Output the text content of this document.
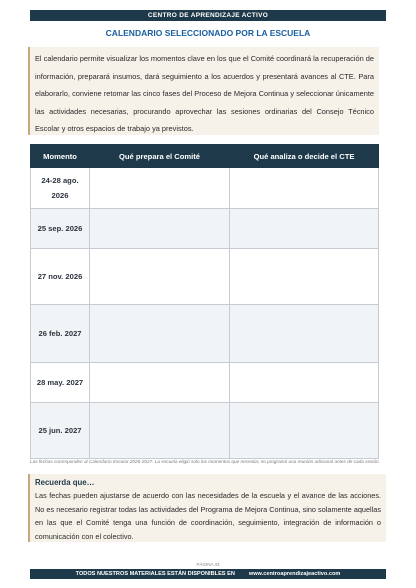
CENTRO DE APRENDIZAJE ACTIVO
CALENDARIO SELECCIONADO POR LA ESCUELA
El calendario permite visualizar los momentos clave en los que el Comité coordinará la recuperación de información, preparará insumos, dará seguimiento a los acuerdos y presentará avances al CTE. Para elaborarlo, conviene retomar las cinco fases del Proceso de Mejora Continua y seleccionar únicamente las actividades necesarias, procurando aprovechar las sesiones ordinarias del Consejo Técnico Escolar y otros espacios de trabajo ya previstos.
Momento	Qué prepara el Comité	Qué analiza o decide el CTE
24-28 ago. 2026		
25 sep. 2026		
27 nov. 2026		
26 feb. 2027		
28 may. 2027		
25 jun. 2027		
Las fechas corresponden al Calendario Escolar 2026-2027. La escuela eligió solo los momentos que necesita; no programó una reunión adicional antes de cada sesión.
Recuerda que…
Las fechas pueden ajustarse de acuerdo con las necesidades de la escuela y el avance de las acciones. No es necesario registrar todas las actividades del Programa de Mejora Continua, sino solamente aquellas en las que el Comité tenga una función de coordinación, seguimiento, integración de información o comunicación con el colectivo.
PÁGINA 33
TODOS NUESTROS MATERIALES ESTÁN DISPONIBLES EN	www.centroaprendizajeactivo.com
